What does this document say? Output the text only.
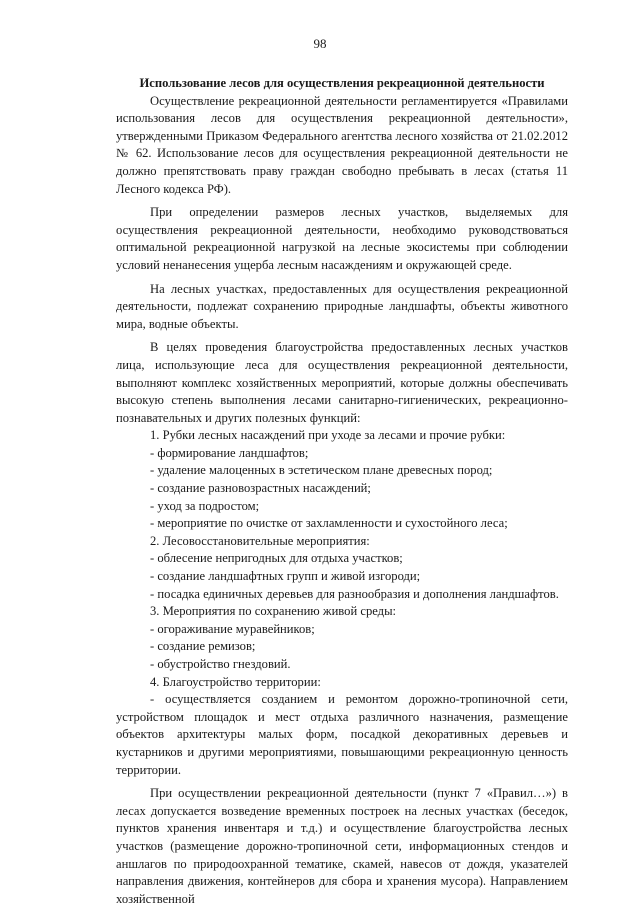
98

Использование лесов для осуществления рекреационной деятельности

Осуществление рекреационной деятельности регламентируется «Правилами использования лесов для осуществления рекреационной деятельности», утвержденными Приказом Федерального агентства лесного хозяйства от 21.02.2012 № 62. Использование лесов для осуществления рекреационной деятельности не должно препятствовать праву граждан свободно пребывать в лесах (статья 11 Лесного кодекса РФ).

При определении размеров лесных участков, выделяемых для осуществления рекреационной деятельности, необходимо руководствоваться оптимальной рекреационной нагрузкой на лесные экосистемы при соблюдении условий ненанесения ущерба лесным насаждениям и окружающей среде.

На лесных участках, предоставленных для осуществления рекреационной деятельности, подлежат сохранению природные ландшафты, объекты животного мира, водные объекты.

В целях проведения благоустройства предоставленных лесных участков лица, использующие леса для осуществления рекреационной деятельности, выполняют комплекс хозяйственных мероприятий, которые должны обеспечивать высокую степень выполнения лесами санитарно-гигиенических, рекреационно-познавательных и других полезных функций:

1. Рубки лесных насаждений при уходе за лесами и прочие рубки:

- формирование ландшафтов;

- удаление малоценных в эстетическом плане древесных пород;

- создание разновозрастных насаждений;

- уход за подростом;

- мероприятие по очистке от захламленности и сухостойного леса;

2. Лесовосстановительные мероприятия:

- облесение непригодных для отдыха участков;

- создание ландшафтных групп и живой изгороди;

- посадка единичных деревьев для разнообразия и дополнения ландшафтов.

3. Мероприятия по сохранению живой среды:

- огораживание муравейников;

- создание ремизов;

- обустройство гнездовий.

4. Благоустройство территории:

- осуществляется созданием и ремонтом дорожно-тропиночной сети, устройством площадок и мест отдыха различного назначения, размещение объектов архитектуры малых форм, посадкой декоративных деревьев и кустарников и другими мероприятиями, повышающими рекреационную ценность территории.

При осуществлении рекреационной деятельности (пункт 7 «Правил…») в лесах допускается возведение временных построек на лесных участках (беседок, пунктов хранения инвентаря и т.д.) и осуществление благоустройства лесных участков (размещение дорожно-тропиночной сети, информационных стендов и аншлагов по природоохранной тематике, скамей, навесов от дождя, указателей направления движения, контейнеров для сбора и хранения мусора). Направлением хозяйственной
